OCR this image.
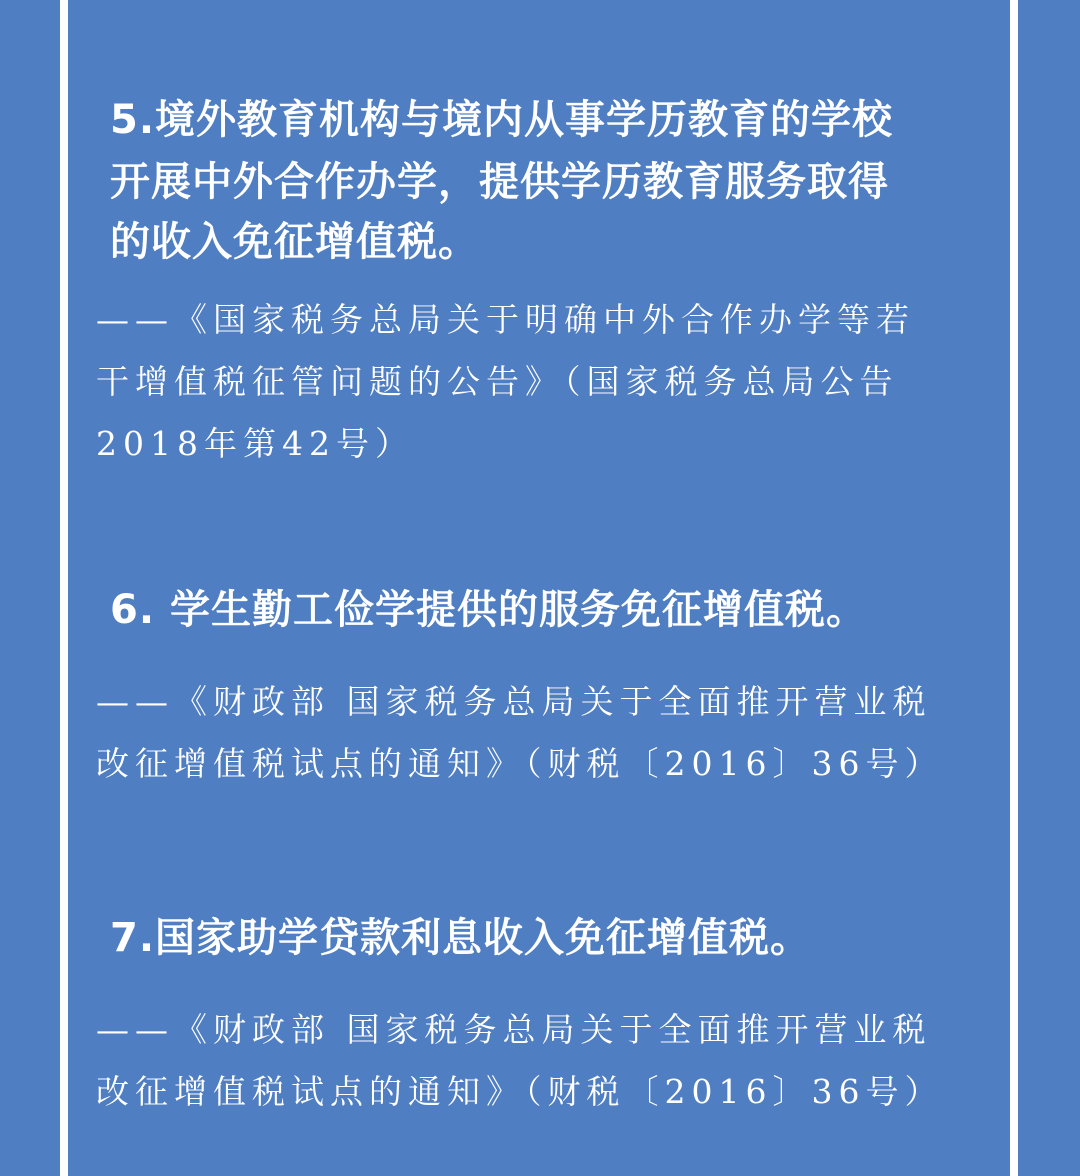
5.境外教育机构与境内从事学历教育的学校
开展中外合作办学，提供学历教育服务取得
的收入免征增值税。
——《国家税务总局关于明确中外合作办学等若
干增值税征管问题的公告》（国家税务总局公告
2018年第42号）
6. 学生勤工俭学提供的服务免征增值税。
——《财政部 国家税务总局关于全面推开营业税
改征增值税试点的通知》（财税〔2016〕36号）
7.国家助学贷款利息收入免征增值税。
——《财政部 国家税务总局关于全面推开营业税
改征增值税试点的通知》（财税〔2016〕36号）
